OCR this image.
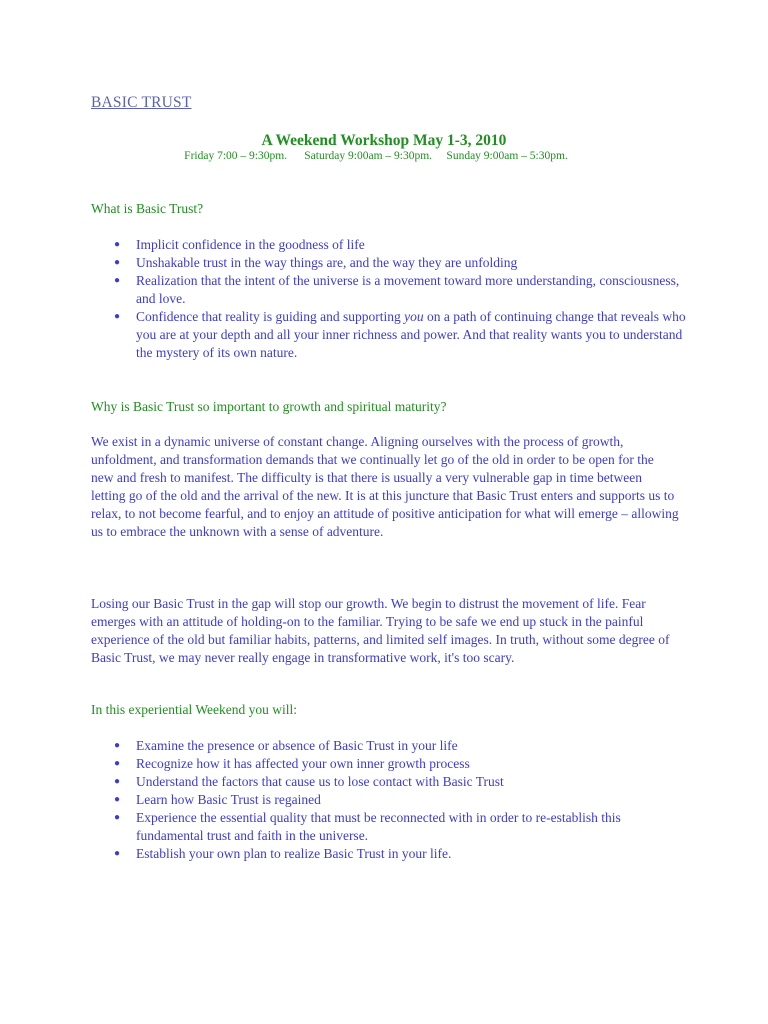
BASIC TRUST
A Weekend Workshop May 1-3, 2010
Friday 7:00 – 9:30pm.      Saturday 9:00am – 9:30pm.     Sunday 9:00am – 5:30pm.
What is Basic Trust?
● Implicit confidence in the goodness of life
● Unshakable trust in the way things are, and the way they are unfolding
● Realization that the intent of the universe is a movement toward more understanding, consciousness, and love.
● Confidence that reality is guiding and supporting you on a path of continuing change that reveals who you are at your depth and all your inner richness and power. And that reality wants you to understand the mystery of its own nature.
Why is Basic Trust so important to growth and spiritual maturity?
We exist in a dynamic universe of constant change. Aligning ourselves with the process of growth, unfoldment, and transformation demands that we continually let go of the old in order to be open for the new and fresh to manifest. The difficulty is that there is usually a very vulnerable gap in time between letting go of the old and the arrival of the new. It is at this juncture that Basic Trust enters and supports us to relax, to not become fearful, and to enjoy an attitude of positive anticipation for what will emerge – allowing us to embrace the unknown with a sense of adventure.
Losing our Basic Trust in the gap will stop our growth. We begin to distrust the movement of life. Fear emerges with an attitude of holding-on to the familiar. Trying to be safe we end up stuck in the painful experience of the old but familiar habits, patterns, and limited self images. In truth, without some degree of Basic Trust, we may never really engage in transformative work, it's too scary.
In this experiential Weekend you will:
● Examine the presence or absence of Basic Trust in your life
● Recognize how it has affected your own inner growth process
● Understand the factors that cause us to lose contact with Basic Trust
● Learn how Basic Trust is regained
● Experience the essential quality that must be reconnected with in order to re-establish this fundamental trust and faith in the universe.
● Establish your own plan to realize Basic Trust in your life.
